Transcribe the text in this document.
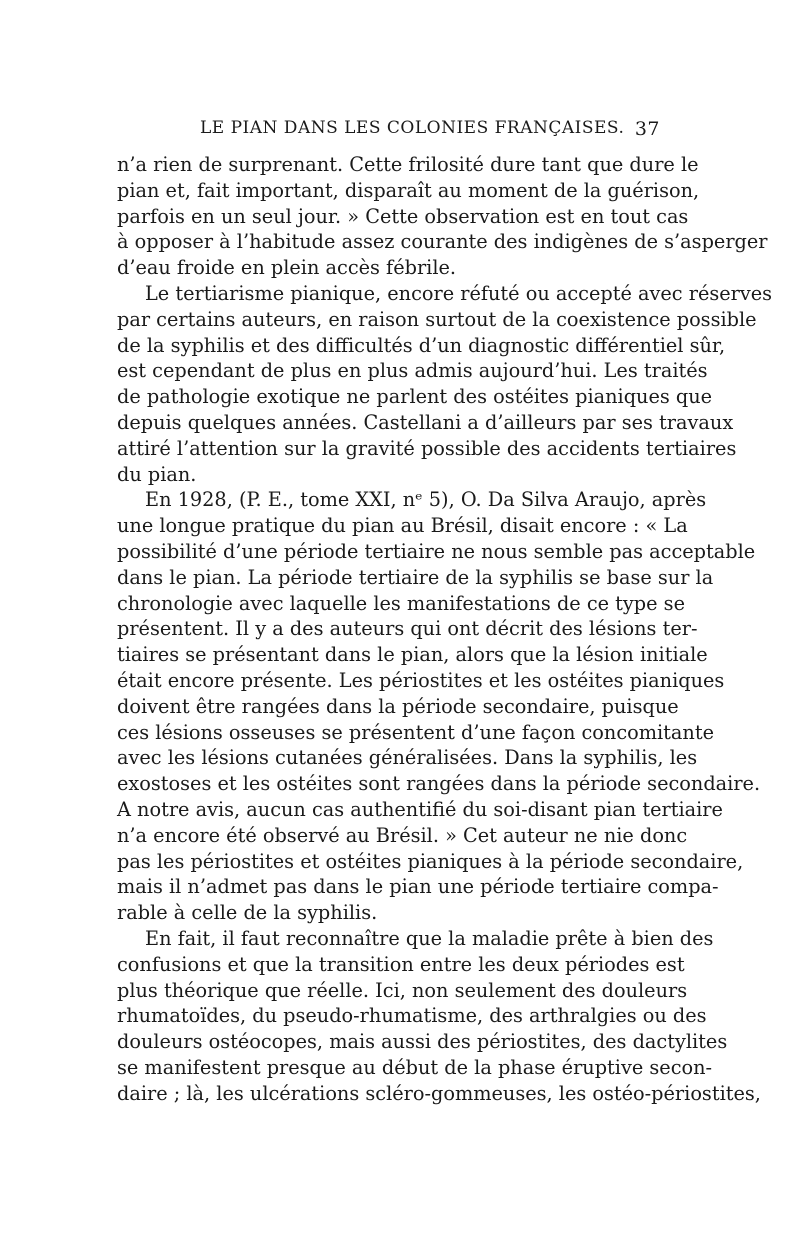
LE PIAN DANS LES COLONIES FRANÇAISES. 37
n’a rien de surprenant. Cette frilosité dure tant que dure le
pian et, fait important, disparaît au moment de la guérison,
parfois en un seul jour. » Cette observation est en tout cas
à opposer à l’habitude assez courante des indigènes de s’asperger
d’eau froide en plein accès fébrile.
Le tertiarisme pianique, encore réfuté ou accepté avec réserves
par certains auteurs, en raison surtout de la coexistence possible
de la syphilis et des difficultés d’un diagnostic différentiel sûr,
est cependant de plus en plus admis aujourd’hui. Les traités
de pathologie exotique ne parlent des ostéites pianiques que
depuis quelques années. Castellani a d’ailleurs par ses travaux
attiré l’attention sur la gravité possible des accidents tertiaires
du pian.
En 1928, (P. E., tome XXI, nᵉ 5), O. Da Silva Araujo, après
une longue pratique du pian au Brésil, disait encore : « La
possibilité d’une période tertiaire ne nous semble pas acceptable
dans le pian. La période tertiaire de la syphilis se base sur la
chronologie avec laquelle les manifestations de ce type se
présentent. Il y a des auteurs qui ont décrit des lésions ter-
tiaires se présentant dans le pian, alors que la lésion initiale
était encore présente. Les périostites et les ostéites pianiques
doivent être rangées dans la période secondaire, puisque
ces lésions osseuses se présentent d’une façon concomitante
avec les lésions cutanées généralisées. Dans la syphilis, les
exostoses et les ostéites sont rangées dans la période secondaire.
A notre avis, aucun cas authentifié du soi-disant pian tertiaire
n’a encore été observé au Brésil. » Cet auteur ne nie donc
pas les périostites et ostéites pianiques à la période secondaire,
mais il n’admet pas dans le pian une période tertiaire compa-
rable à celle de la syphilis.
En fait, il faut reconnaître que la maladie prête à bien des
confusions et que la transition entre les deux périodes est
plus théorique que réelle. Ici, non seulement des douleurs
rhumatoïdes, du pseudo-rhumatisme, des arthralgies ou des
douleurs ostéocopes, mais aussi des périostites, des dactylites
se manifestent presque au début de la phase éruptive secon-
daire ; là, les ulcérations scléro-gommeuses, les ostéo-périostites,
